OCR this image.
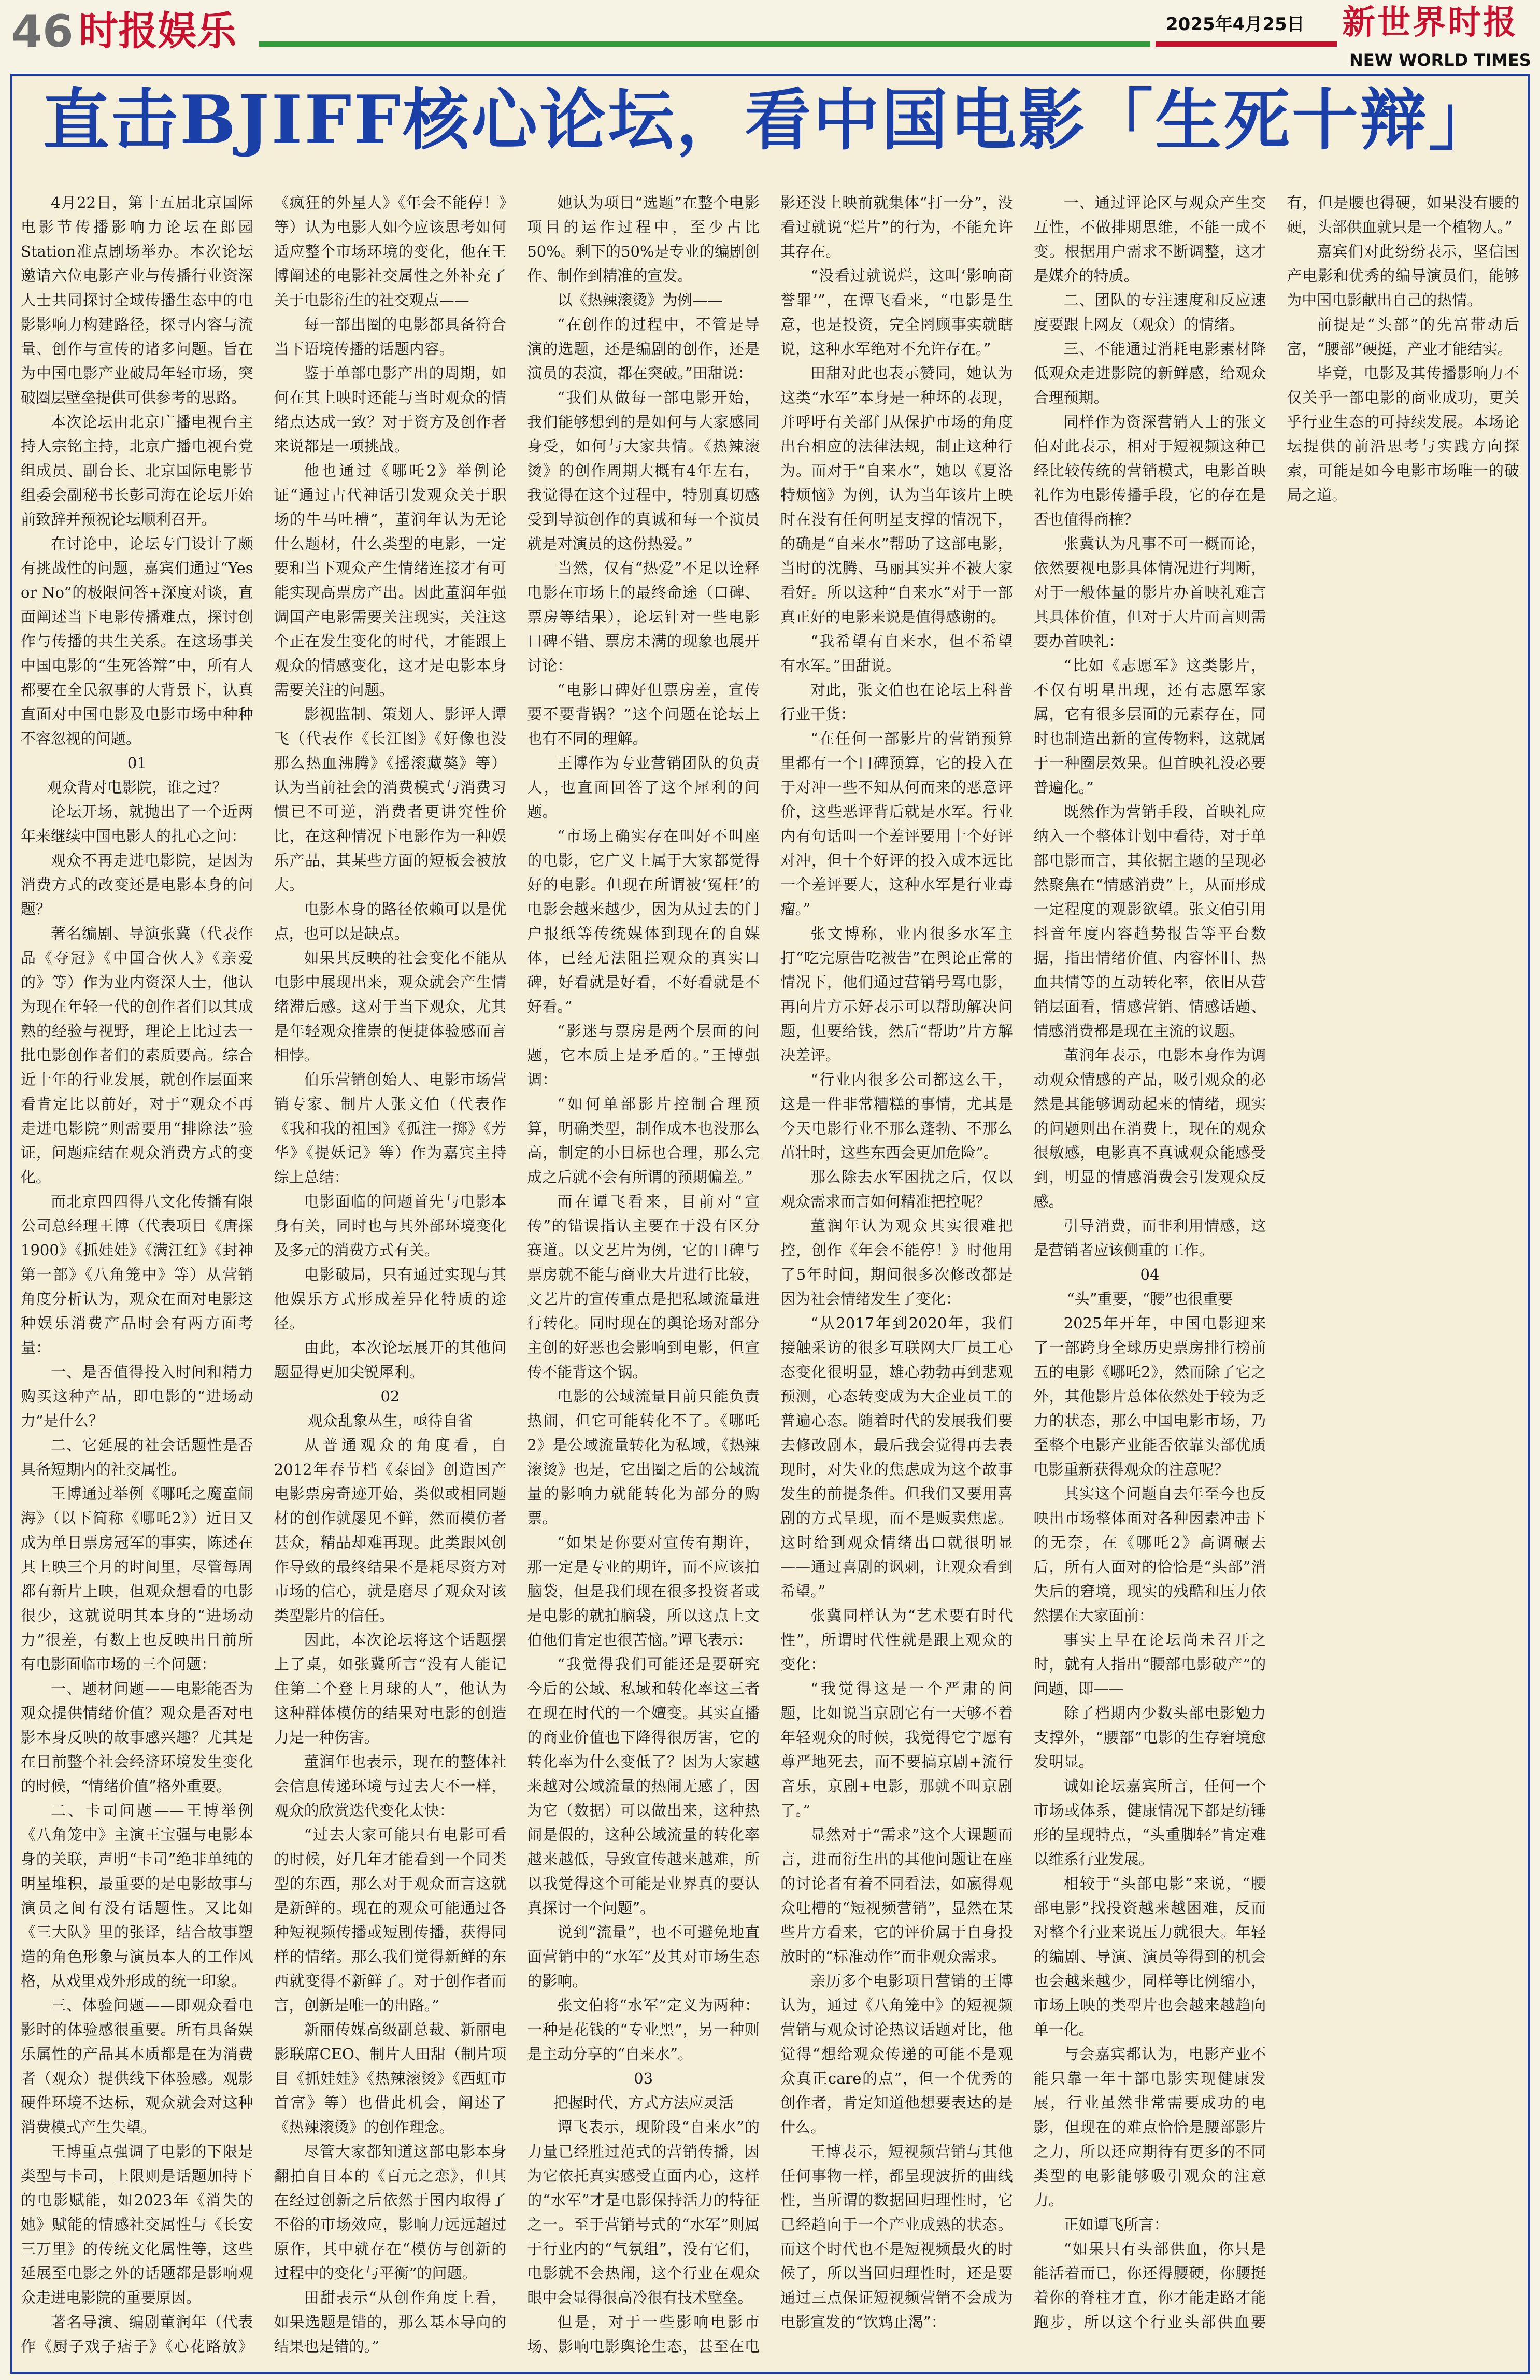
46 时报娱乐	2025年4月25日 新世界时报
NEW WORLD TIMES
直击BJIFF核心论坛，看中国电影「生死十辩」

4月22日，第十五届北京国际电影节传播影响力论坛在郎园Station准点剧场举办。本次论坛邀请六位电影产业与传播行业资深人士共同探讨全域传播生态中的电影影响力构建路径，探寻内容与流量、创作与宣传的诸多问题。旨在为中国电影产业破局年轻市场，突破圈层壁垒提供可供参考的思路。

本次论坛由北京广播电视台主持人宗铭主持，北京广播电视台党组成员、副台长、北京国际电影节组委会副秘书长彭司海在论坛开始前致辞并预祝论坛顺利召开。

在讨论中，论坛专门设计了颇有挑战性的问题，嘉宾们通过“Yes or No”的极限问答+深度对谈，直面阐述当下电影传播难点，探讨创作与传播的共生关系。在这场事关中国电影的“生死答辩”中，所有人都要在全民叙事的大背景下，认真直面对中国电影及电影市场中种种不容忽视的问题。

01

观众背对电影院，谁之过？

论坛开场，就抛出了一个近两年来继续中国电影人的扎心之问：

观众不再走进电影院，是因为消费方式的改变还是电影本身的问题？

著名编剧、导演张冀（代表作品《夺冠》《中国合伙人》《亲爱的》等）作为业内资深人士，他认为现在年轻一代的创作者们以其成熟的经验与视野，理论上比过去一批电影创作者们的素质要高。综合近十年的行业发展，就创作层面来看肯定比以前好，对于“观众不再走进电影院”则需要用“排除法”验证，问题症结在观众消费方式的变化。

而北京四四得八文化传播有限公司总经理王博（代表项目《唐探1900》《抓娃娃》《满江红》《封神第一部》《八角笼中》等）从营销角度分析认为，观众在面对电影这种娱乐消费产品时会有两方面考量：

一、是否值得投入时间和精力购买这种产品，即电影的“进场动力”是什么？

二、它延展的社会话题性是否具备短期内的社交属性。

王博通过举例《哪吒之魔童闹海》（以下简称《哪吒2》）近日又成为单日票房冠军的事实，陈述在其上映三个月的时间里，尽管每周都有新片上映，但观众想看的电影很少，这就说明其本身的“进场动力”很差，有数上也反映出目前所有电影面临市场的三个问题：

一、题材问题——电影能否为观众提供情绪价值？观众是否对电影本身反映的故事感兴趣？尤其是在目前整个社会经济环境发生变化的时候，“情绪价值”格外重要。

二、卡司问题——王博举例《八角笼中》主演王宝强与电影本身的关联，声明“卡司”绝非单纯的明星堆积，最重要的是电影故事与演员之间有没有话题性。又比如《三大队》里的张译，结合故事塑造的角色形象与演员本人的工作风格，从戏里戏外形成的统一印象。

三、体验问题——即观众看电影时的体验感很重要。所有具备娱乐属性的产品其本质都是在为消费者（观众）提供线下体验感。观影硬件环境不达标，观众就会对这种消费模式产生失望。

王博重点强调了电影的下限是类型与卡司，上限则是话题加持下的电影赋能，如2023年《消失的她》赋能的情感社交属性与《长安三万里》的传统文化属性等，这些延展至电影之外的话题都是影响观众走进电影院的重要原因。

著名导演、编剧董润年（代表作《厨子戏子痞子》《心花路放》《疯狂的外星人》《年会不能停！》等）认为电影人如今应该思考如何适应整个市场环境的变化，他在王博阐述的电影社交属性之外补充了关于电影衍生的社交观点——

每一部出圈的电影都具备符合当下语境传播的话题内容。

鉴于单部电影产出的周期，如何在其上映时还能与当时观众的情绪点达成一致？对于资方及创作者来说都是一项挑战。

他也通过《哪吒2》举例论证“通过古代神话引发观众关于职场的牛马吐槽”，董润年认为无论什么题材，什么类型的电影，一定要和当下观众产生情绪连接才有可能实现高票房产出。因此董润年强调国产电影需要关注现实，关注这个正在发生变化的时代，才能跟上观众的情感变化，这才是电影本身需要关注的问题。

影视监制、策划人、影评人谭飞（代表作《长江图》《好像也没那么热血沸腾》《摇滚藏獒》等）认为当前社会的消费模式与消费习惯已不可逆，消费者更讲究性价比，在这种情况下电影作为一种娱乐产品，其某些方面的短板会被放大。

电影本身的路径依赖可以是优点，也可以是缺点。

如果其反映的社会变化不能从电影中展现出来，观众就会产生情绪滞后感。这对于当下观众，尤其是年轻观众推崇的便捷体验感而言相悖。

伯乐营销创始人、电影市场营销专家、制片人张文伯（代表作《我和我的祖国》《孤注一掷》《芳华》《提妖记》等）作为嘉宾主持综上总结：

电影面临的问题首先与电影本身有关，同时也与其外部环境变化及多元的消费方式有关。

电影破局，只有通过实现与其他娱乐方式形成差异化特质的途径。

由此，本次论坛展开的其他问题显得更加尖锐犀利。

02

观众乱象丛生，亟待自省

从普通观众的角度看，自2012年春节档《泰囧》创造国产电影票房奇迹开始，类似或相同题材的创作就屡见不鲜，然而模仿者甚众，精品却难再现。此类跟风创作导致的最终结果不是耗尽资方对市场的信心，就是磨尽了观众对该类型影片的信任。

因此，本次论坛将这个话题摆上了桌，如张冀所言“没有人能记住第二个登上月球的人”，他认为这种群体模仿的结果对电影的创造力是一种伤害。

董润年也表示，现在的整体社会信息传递环境与过去大不一样，观众的欣赏迭代变化太快：

“过去大家可能只有电影可看的时候，好几年才能看到一个同类型的东西，那么对于观众而言这就是新鲜的。现在的观众可能通过各种短视频传播或短剧传播，获得同样的情绪。那么我们觉得新鲜的东西就变得不新鲜了。对于创作者而言，创新是唯一的出路。”

新丽传媒高级副总裁、新丽电影联席CEO、制片人田甜（制片项目《抓娃娃》《热辣滚烫》《西虹市首富》等）也借此机会，阐述了《热辣滚烫》的创作理念。

尽管大家都知道这部电影本身翻拍自日本的《百元之恋》，但其在经过创新之后依然于国内取得了不俗的市场效应，影响力远远超过原作，其中就存在“模仿与创新的过程中的变化与平衡”的问题。

田甜表示“从创作角度上看，如果选题是错的，那么基本导向的结果也是错的。”

她认为项目“选题”在整个电影项目的运作过程中，至少占比50%。剩下的50%是专业的编剧创作、制作到精准的宣发。

以《热辣滚烫》为例——

“在创作的过程中，不管是导演的选题，还是编剧的创作，还是演员的表演，都在突破。”田甜说：

“我们从做每一部电影开始，我们能够想到的是如何与大家感同身受，如何与大家共情。《热辣滚烫》的创作周期大概有4年左右，我觉得在这个过程中，特别真切感受到导演创作的真诚和每一个演员就是对演员的这份热爱。”

当然，仅有“热爱”不足以诠释电影在市场上的最终命途（口碑、票房等结果），论坛针对一些电影口碑不错、票房未满的现象也展开讨论：

“电影口碑好但票房差，宣传要不要背锅？”这个问题在论坛上也有不同的理解。

王博作为专业营销团队的负责人，也直面回答了这个犀利的问题。

“市场上确实存在叫好不叫座的电影，它广义上属于大家都觉得好的电影。但现在所谓被‘冤枉’的电影会越来越少，因为从过去的门户报纸等传统媒体到现在的自媒体，已经无法阻拦观众的真实口碑，好看就是好看，不好看就是不好看。”

“影迷与票房是两个层面的问题，它本质上是矛盾的。”王博强调：

“如何单部影片控制合理预算，明确类型，制作成本也没那么高，制定的小目标也合理，那么完成之后就不会有所谓的预期偏差。”

而在谭飞看来，目前对“宣传”的错误指认主要在于没有区分赛道。以文艺片为例，它的口碑与票房就不能与商业大片进行比较，文艺片的宣传重点是把私域流量进行转化。同时现在的舆论场对部分主创的好恶也会影响到电影，但宣传不能背这个锅。

电影的公域流量目前只能负责热闹，但它可能转化不了。《哪吒2》是公域流量转化为私域，《热辣滚烫》也是，它出圈之后的公域流量的影响力就能转化为部分的购票。

“如果是你要对宣传有期许，那一定是专业的期许，而不应该拍脑袋，但是我们现在很多投资者或是电影的就拍脑袋，所以这点上文伯他们肯定也很苦恼。”谭飞表示：

“我觉得我们可能还是要研究今后的公域、私域和转化率这三者在现在时代的一个嬗变。其实直播的商业价值也下降得很厉害，它的转化率为什么变低了？因为大家越来越对公域流量的热闹无感了，因为它（数据）可以做出来，这种热闹是假的，这种公域流量的转化率越来越低，导致宣传越来越难，所以我觉得这个可能是业界真的要认真探讨一个问题”。

说到“流量”，也不可避免地直面营销中的“水军”及其对市场生态的影响。

张文伯将“水军”定义为两种：一种是花钱的“专业黑”，另一种则是主动分享的“自来水”。

03

把握时代，方式方法应灵活

谭飞表示，现阶段“自来水”的力量已经胜过范式的营销传播，因为它依托真实感受直面内心，这样的“水军”才是电影保持活力的特征之一。至于营销号式的“水军”则属于行业内的“气氛组”，没有它们，电影就不会热闹，这个行业在观众眼中会显得很高冷很有技术壁垒。

但是，对于一些影响电影市场、影响电影舆论生态，甚至在电影还没上映前就集体“打一分”，没看过就说“烂片”的行为，不能允许其存在。

“没看过就说烂，这叫‘影响商誉罪’”，在谭飞看来，“电影是生意，也是投资，完全罔顾事实就瞎说，这种水军绝对不允许存在。”

田甜对此也表示赞同，她认为这类“水军”本身是一种坏的表现，并呼吁有关部门从保护市场的角度出台相应的法律法规，制止这种行为。而对于“自来水”，她以《夏洛特烦恼》为例，认为当年该片上映时在没有任何明星支撑的情况下，的确是“自来水”帮助了这部电影，当时的沈腾、马丽其实并不被大家看好。所以这种“自来水”对于一部真正好的电影来说是值得感谢的。

“我希望有自来水，但不希望有水军。”田甜说。

对此，张文伯也在论坛上科普行业干货：

“在任何一部影片的营销预算里都有一个口碑预算，它的投入在于对冲一些不知从何而来的恶意评价，这些恶评背后就是水军。行业内有句话叫一个差评要用十个好评对冲，但十个好评的投入成本远比一个差评要大，这种水军是行业毒瘤。”

张文博称，业内很多水军主打“吃完原告吃被告”在舆论正常的情况下，他们通过营销号骂电影，再向片方示好表示可以帮助解决问题，但要给钱，然后“帮助”片方解决差评。

“行业内很多公司都这么干，这是一件非常糟糕的事情，尤其是今天电影行业不那么蓬勃、不那么茁壮时，这些东西会更加危险”。

那么除去水军困扰之后，仅以观众需求而言如何精准把控呢？

董润年认为观众其实很难把控，创作《年会不能停！》时他用了5年时间，期间很多次修改都是因为社会情绪发生了变化：

“从2017年到2020年，我们接触采访的很多互联网大厂员工心态变化很明显，雄心勃勃再到悲观预测，心态转变成为大企业员工的普遍心态。随着时代的发展我们要去修改剧本，最后我会觉得再去表现时，对失业的焦虑成为这个故事发生的前提条件。但我们又要用喜剧的方式呈现，而不是贩卖焦虑。这时给到观众情绪出口就很明显——通过喜剧的讽刺，让观众看到希望。”

张冀同样认为“艺术要有时代性”，所谓时代性就是跟上观众的变化：

“我觉得这是一个严肃的问题，比如说当京剧它有一天够不着年轻观众的时候，我觉得它宁愿有尊严地死去，而不要搞京剧+流行音乐，京剧+电影，那就不叫京剧了。”

显然对于“需求”这个大课题而言，进而衍生出的其他问题让在座的讨论者有着不同看法，如嬴得观众吐槽的“短视频营销”，显然在某些片方看来，它的评价属于自身投放时的“标准动作”而非观众需求。

亲历多个电影项目营销的王博认为，通过《八角笼中》的短视频营销与观众讨论热议话题对比，他觉得“想给观众传递的可能不是观众真正care的点”，但一个优秀的创作者，肯定知道他想要表达的是什么。

王博表示，短视频营销与其他任何事物一样，都呈现波折的曲线性，当所谓的数据回归理性时，它已经趋向于一个产业成熟的状态。而这个时代也不是短视频最火的时候了，所以当回归理性时，还是要通过三点保证短视频营销不会成为电影宣发的“饮鸩止渴”：

一、通过评论区与观众产生交互性，不做排期思维，不能一成不变。根据用户需求不断调整，这才是媒介的特质。

二、团队的专注速度和反应速度要跟上网友（观众）的情绪。

三、不能通过消耗电影素材降低观众走进影院的新鲜感，给观众合理预期。

同样作为资深营销人士的张文伯对此表示，相对于短视频这种已经比较传统的营销模式，电影首映礼作为电影传播手段，它的存在是否也值得商榷？

张冀认为凡事不可一概而论，依然要视电影具体情况进行判断，对于一般体量的影片办首映礼难言其具体价值，但对于大片而言则需要办首映礼：

“比如《志愿军》这类影片，不仅有明星出现，还有志愿军家属，它有很多层面的元素存在，同时也制造出新的宣传物料，这就属于一种圈层效果。但首映礼没必要普遍化。”

既然作为营销手段，首映礼应纳入一个整体计划中看待，对于单部电影而言，其依据主题的呈现必然聚焦在“情感消费”上，从而形成一定程度的观影欲望。张文伯引用抖音年度内容趋势报告等平台数据，指出情绪价值、内容怀旧、热血共情等的互动转化率，依旧从营销层面看，情感营销、情感话题、情感消费都是现在主流的议题。

董润年表示，电影本身作为调动观众情感的产品，吸引观众的必然是其能够调动起来的情绪，现实的问题则出在消费上，现在的观众很敏感，电影真不真诚观众能感受到，明显的情感消费会引发观众反感。

引导消费，而非利用情感，这是营销者应该侧重的工作。

04

“头”重要，“腰”也很重要

2025年开年，中国电影迎来了一部跨身全球历史票房排行榜前五的电影《哪吒2》，然而除了它之外，其他影片总体依然处于较为乏力的状态，那么中国电影市场，乃至整个电影产业能否依靠头部优质电影重新获得观众的注意呢？

其实这个问题自去年至今也反映出市场整体面对各种因素冲击下的无奈，在《哪吒2》高调碾去后，所有人面对的恰恰是“头部”消失后的窘境，现实的残酷和压力依然摆在大家面前：

事实上早在论坛尚未召开之时，就有人指出“腰部电影破产”的问题，即——

除了档期内少数头部电影勉力支撑外，“腰部”电影的生存窘境愈发明显。

诚如论坛嘉宾所言，任何一个市场或体系，健康情况下都是纺锤形的呈现特点，“头重脚轻”肯定难以维系行业发展。

相较于“头部电影”来说，“腰部电影”找投资越来越困难，反而对整个行业来说压力就很大。年轻的编剧、导演、演员等得到的机会也会越来越少，同样等比例缩小，市场上映的类型片也会越来越趋向单一化。

与会嘉宾都认为，电影产业不能只靠一年十部电影实现健康发展，行业虽然非常需要成功的电影，但现在的难点恰恰是腰部影片之力，所以还应期待有更多的不同类型的电影能够吸引观众的注意力。

正如谭飞所言：

“如果只有头部供血，你只是能活着而已，你还得腰硬，你腰挺着你的脊柱才直，你才能走路才能跑步，所以这个行业头部供血要有，但是腰也得硬，如果没有腰的硬，头部供血就只是一个植物人。”

嘉宾们对此纷纷表示，坚信国产电影和优秀的编导演员们，能够为中国电影献出自己的热情。

前提是“头部”的先富带动后富，“腰部”硬挺，产业才能结实。

毕竟，电影及其传播影响力不仅关乎一部电影的商业成功，更关乎行业生态的可持续发展。本场论坛提供的前沿思考与实践方向探索，可能是如今电影市场唯一的破局之道。
